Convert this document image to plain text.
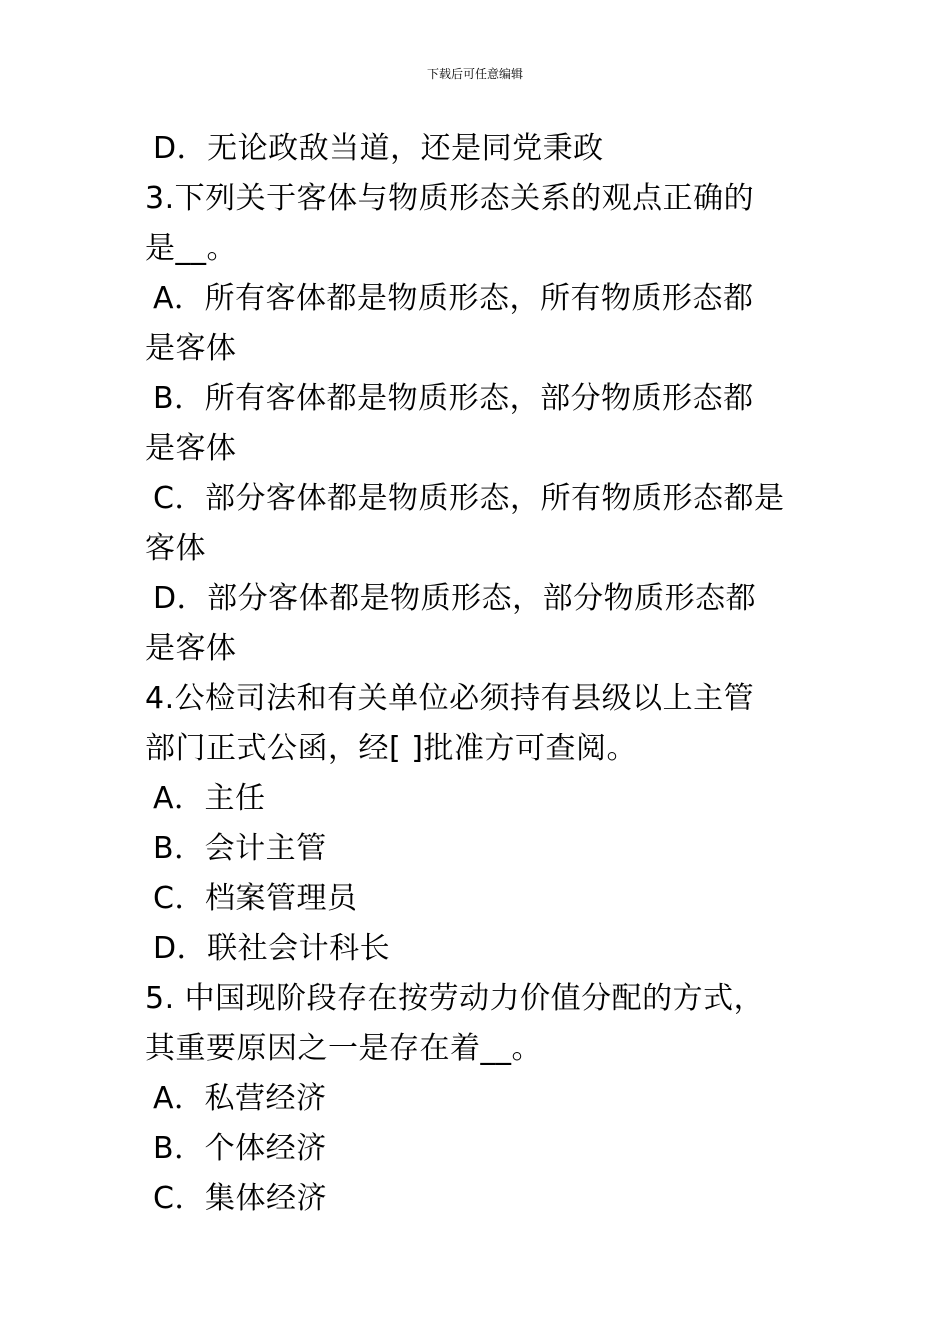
下载后可任意编辑
D．无论政敌当道，还是同党秉政
3.下列关于客体与物质形态关系的观点正确的
是__。
A．所有客体都是物质形态，所有物质形态都
是客体
B．所有客体都是物质形态，部分物质形态都
是客体
C．部分客体都是物质形态，所有物质形态都是
客体
D．部分客体都是物质形态，部分物质形态都
是客体
4.公检司法和有关单位必须持有县级以上主管
部门正式公函，经[ ]批准方可查阅。
A．主任
B．会计主管
C．档案管理员
D．联社会计科长
5. 中国现阶段存在按劳动力价值分配的方式，
其重要原因之一是存在着__。
A．私营经济
B．个体经济
C．集体经济
